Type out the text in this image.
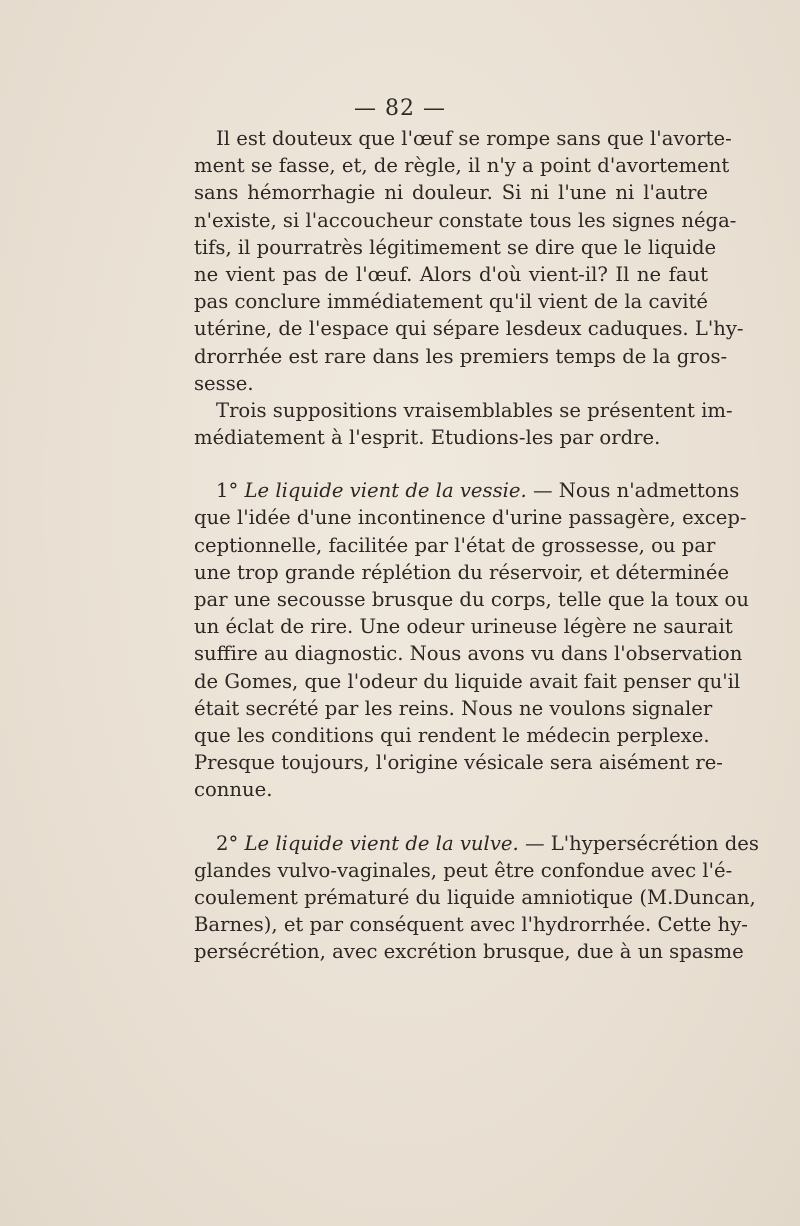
— 82 —
Il est douteux que l'œuf se rompe sans que l'avorte-
ment se fasse, et, de règle, il n'y a point d'avortement
sans hémorrhagie ni douleur. Si ni l'une ni l'autre
n'existe, si l'accoucheur constate tous les signes néga-
tifs, il pourratrès légitimement se dire que le liquide
ne vient pas de l'œuf. Alors d'où vient-il? Il ne faut
pas conclure immédiatement qu'il vient de la cavité
utérine, de l'espace qui sépare lesdeux caduques. L'hy-
drorrhée est rare dans les premiers temps de la gros-
sesse.
Trois suppositions vraisemblables se présentent im-
médiatement à l'esprit. Etudions-les par ordre.
1° Le liquide vient de la vessie. — Nous n'admettons
que l'idée d'une incontinence d'urine passagère, excep-
ceptionnelle, facilitée par l'état de grossesse, ou par
une trop grande réplétion du réservoir, et déterminée
par une secousse brusque du corps, telle que la toux ou
un éclat de rire. Une odeur urineuse légère ne saurait
suffire au diagnostic. Nous avons vu dans l'observation
de Gomes, que l'odeur du liquide avait fait penser qu'il
était secrété par les reins. Nous ne voulons signaler
que les conditions qui rendent le médecin perplexe.
Presque toujours, l'origine vésicale sera aisément re-
connue.
2° Le liquide vient de la vulve. — L'hypersécrétion des
glandes vulvo-vaginales, peut être confondue avec l'é-
coulement prématuré du liquide amniotique (M.Duncan,
Barnes), et par conséquent avec l'hydrorrhée. Cette hy-
persécrétion, avec excrétion brusque, due à un spasme
